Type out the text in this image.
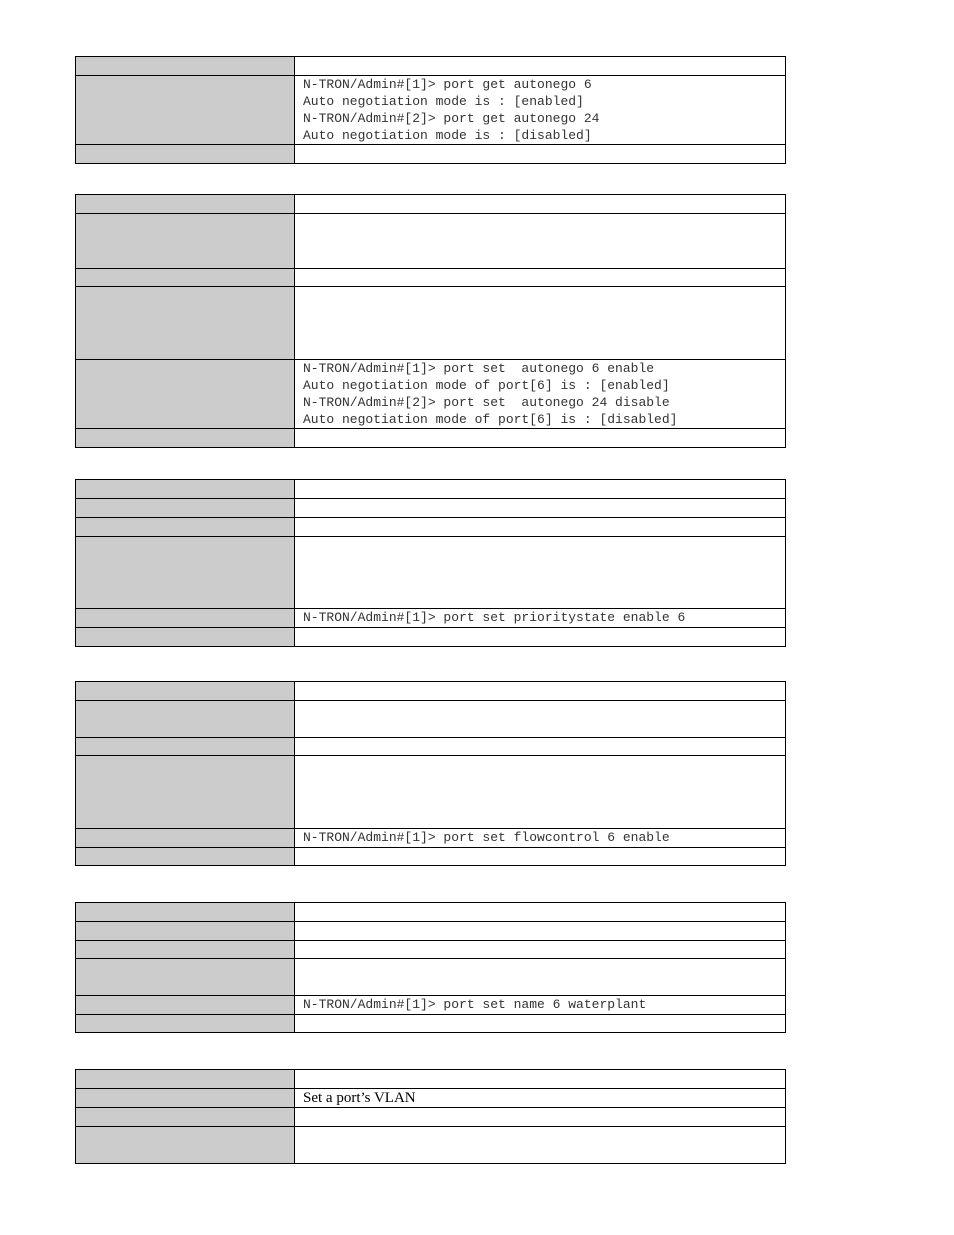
	N-TRON/Admin#[1]> port get autonego 6
Auto negotiation mode is : [enabled]
N-TRON/Admin#[2]> port get autonego 24
Auto negotiation mode is : [disabled]

	N-TRON/Admin#[1]> port set  autonego 6 enable
Auto negotiation mode of port[6] is : [enabled]
N-TRON/Admin#[2]> port set  autonego 24 disable
Auto negotiation mode of port[6] is : [disabled]

	N-TRON/Admin#[1]> port set prioritystate enable 6

	N-TRON/Admin#[1]> port set flowcontrol 6 enable

	N-TRON/Admin#[1]> port set name 6 waterplant

	Set a port’s VLAN
